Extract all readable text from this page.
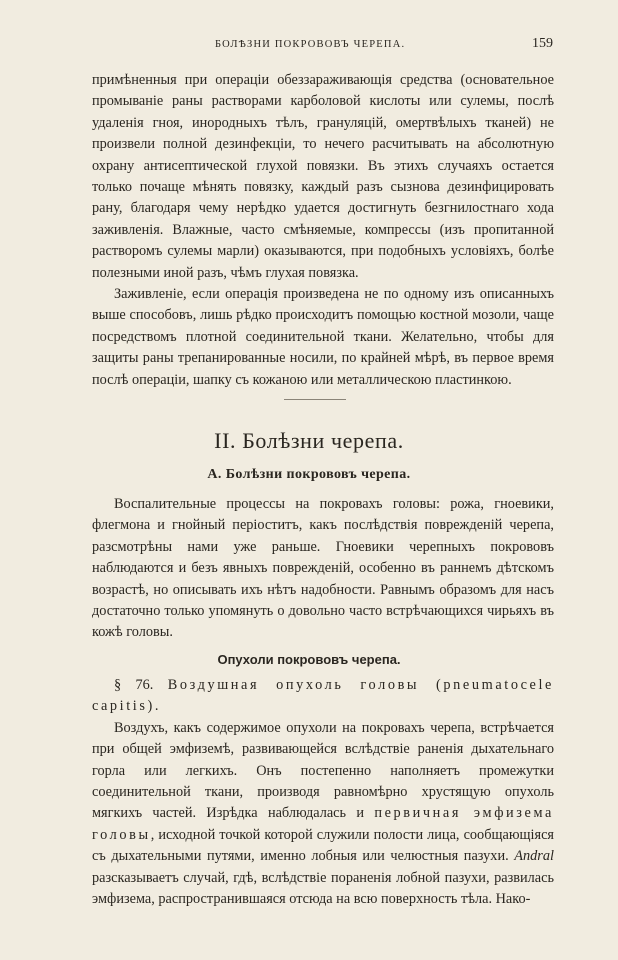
БОЛѢЗНИ ПОКРОВОВЪ ЧЕРЕПА.	159

примѣненныя при операціи обеззараживающія средства (основательное промываніе раны растворами карболовой кислоты или сулемы, послѣ удаленія гноя, инородныхъ тѣлъ, грануляцій, омертвѣлыхъ тканей) не произвели полной дезинфекціи, то нечего расчитывать на абсолютную охрану антисептической глухой повязки. Въ этихъ случаяхъ остается только почаще мѣнять повязку, каждый разъ сызнова дезинфицировать рану, благодаря чему нерѣдко удается достигнуть безгнилостнаго хода заживленія. Влажные, часто смѣняемые, компрессы (изъ пропитанной растворомъ сулемы марли) оказываются, при подобныхъ условіяхъ, болѣе полезными иной разъ, чѣмъ глухая повязка.

Заживленіе, если операція произведена не по одному изъ описанныхъ выше способовъ, лишь рѣдко происходитъ помощью костной мозоли, чаще посредствомъ плотной соединительной ткани. Желательно, чтобы для защиты раны трепанированные носили, по крайней мѣрѣ, въ первое время послѣ операціи, шапку съ кожаною или металлическою пластинкою.

II. Болѣзни черепа.
А. Болѣзни покрововъ черепа.

Воспалительные процессы на покровахъ головы: рожа, гноевики, флегмона и гнойный періоститъ, какъ послѣдствія поврежденій черепа, разсмотрѣны нами уже раньше. Гноевики черепныхъ покрововъ наблюдаются и безъ явныхъ поврежденій, особенно въ раннемъ дѣтскомъ возрастѣ, но описывать ихъ нѣтъ надобности. Равнымъ образомъ для насъ достаточно только упомянуть о довольно часто встрѣчающихся чирьяхъ въ кожѣ головы.

Опухоли покрововъ черепа.

§ 76. Воздушная опухоль головы (pneumatocele capitis).

Воздухъ, какъ содержимое опухоли на покровахъ черепа, встрѣчается при общей эмфиземѣ, развивающейся вслѣдствіе раненія дыхательнаго горла или легкихъ. Онъ постепенно наполняетъ промежутки соединительной ткани, производя равномѣрно хрустящую опухоль мягкихъ частей. Изрѣдка наблюдалась и первичная эмфизема головы, исходной точкой которой служили полости лица, сообщающіяся съ дыхательными путями, именно лобныя или челюстныя пазухи. Andral разсказываетъ случай, гдѣ, вслѣдствіе пораненія лобной пазухи, развилась эмфизема, распространившаяся отсюда на всю поверхность тѣла. Нако-
